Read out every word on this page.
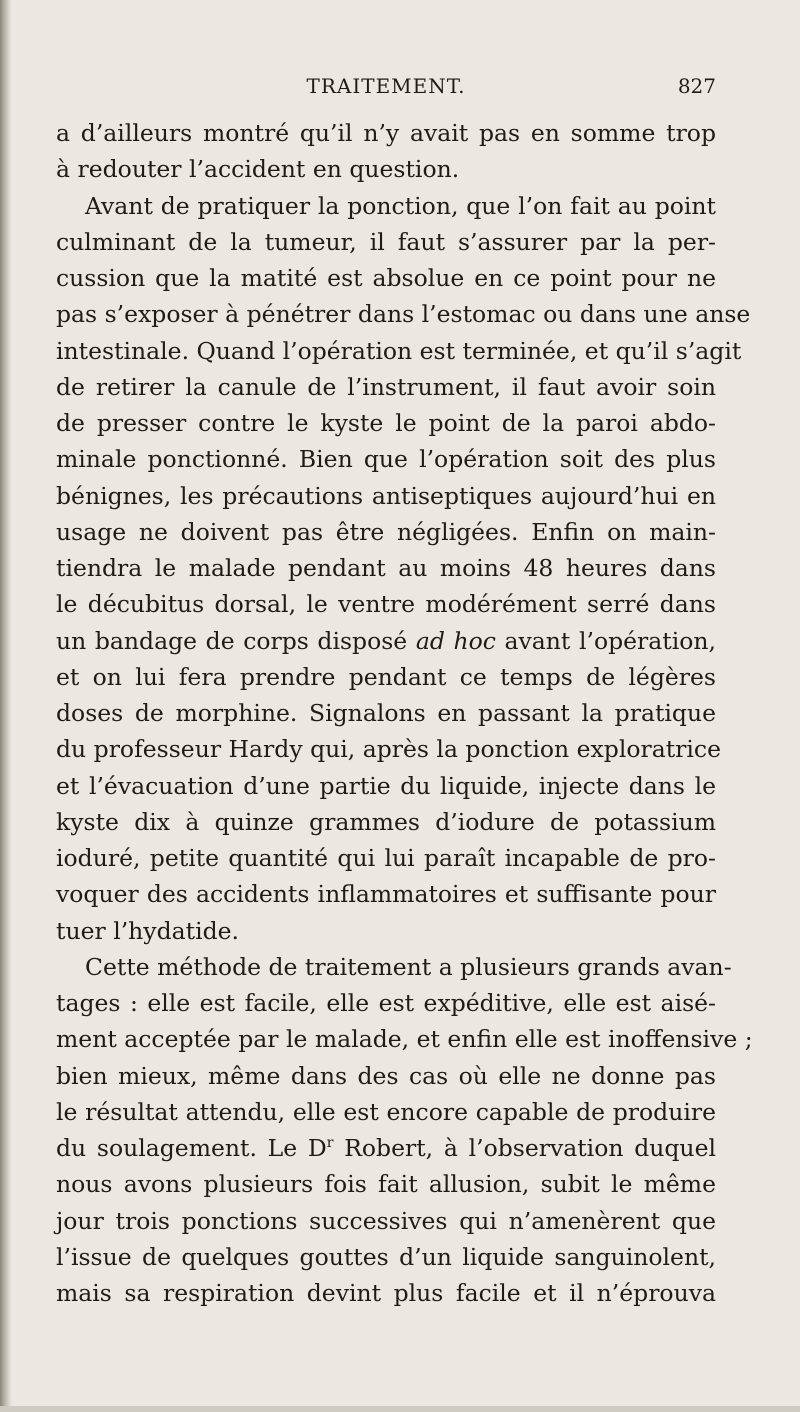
TRAITEMENT.	827
a d’ailleurs montré qu’il n’y avait pas en somme trop
à redouter l’accident en question.
Avant de pratiquer la ponction, que l’on fait au point
culminant de la tumeur, il faut s’assurer par la per-
cussion que la matité est absolue en ce point pour ne
pas s’exposer à pénétrer dans l’estomac ou dans une anse
intestinale. Quand l’opération est terminée, et qu’il s’agit
de retirer la canule de l’instrument, il faut avoir soin
de presser contre le kyste le point de la paroi abdo-
minale ponctionné. Bien que l’opération soit des plus
bénignes, les précautions antiseptiques aujourd’hui en
usage ne doivent pas être négligées. Enfin on main-
tiendra le malade pendant au moins 48 heures dans
le décubitus dorsal, le ventre modérément serré dans
un bandage de corps disposé ad hoc avant l’opération,
et on lui fera prendre pendant ce temps de légères
doses de morphine. Signalons en passant la pratique
du professeur Hardy qui, après la ponction exploratrice
et l’évacuation d’une partie du liquide, injecte dans le
kyste dix à quinze grammes d’iodure de potassium
ioduré, petite quantité qui lui paraît incapable de pro-
voquer des accidents inflammatoires et suffisante pour
tuer l’hydatide.
Cette méthode de traitement a plusieurs grands avan-
tages : elle est facile, elle est expéditive, elle est aisé-
ment acceptée par le malade, et enfin elle est inoffensive ;
bien mieux, même dans des cas où elle ne donne pas
le résultat attendu, elle est encore capable de produire
du soulagement. Le $D^r$ Robert, à l’observation duquel
nous avons plusieurs fois fait allusion, subit le même
jour trois ponctions successives qui n’amenèrent que
l’issue de quelques gouttes d’un liquide sanguinolent,
mais sa respiration devint plus facile et il n’éprouva
